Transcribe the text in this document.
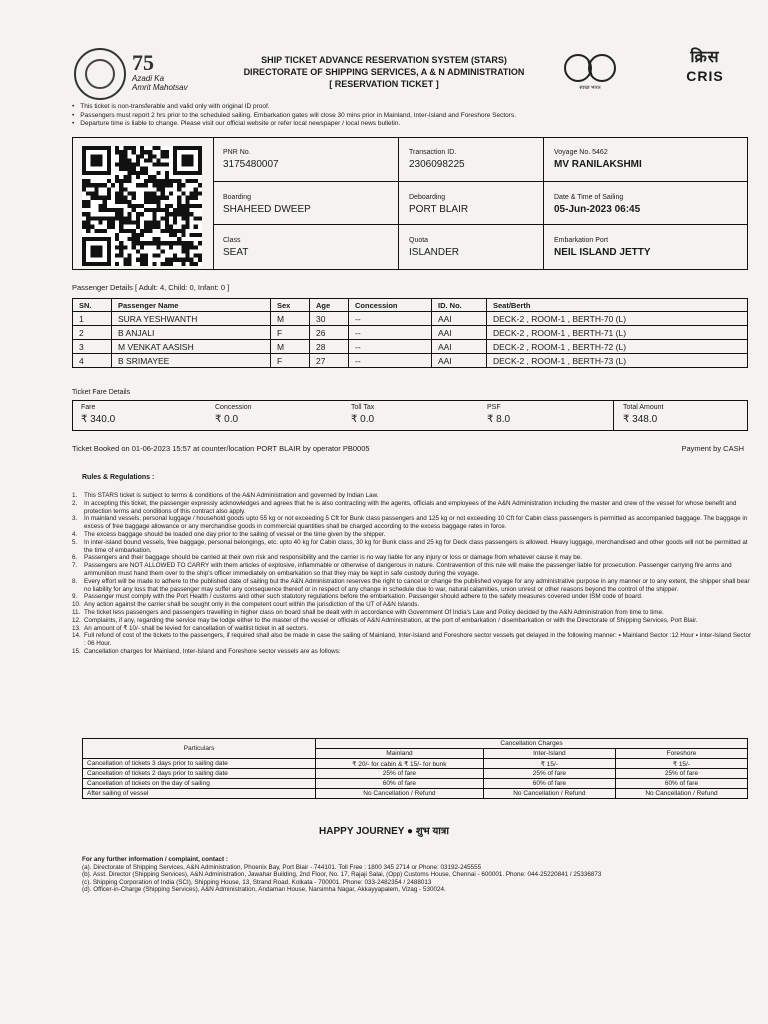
75
Azadi Ka
Amrit Mahotsav
SHIP TICKET ADVANCE RESERVATION SYSTEM (STARS)
DIRECTORATE OF SHIPPING SERVICES, A & N ADMINISTRATION
[ RESERVATION TICKET ]	स्वच्छ भारत
क्रिस
CRIS
• This ticket is non-transferable and valid only with original ID proof.
• Passengers must report 2 hrs prior to the scheduled sailing. Embarkation gates will close 30 mins prior in Mainland, Inter-Island and Foreshore Sectors.
• Departure time is liable to change. Please visit our official website or refer local newspaper / local news bulletin.
PNR No.
3175480007
Transaction ID.
2306098225
Voyage No. 5462
MV RANILAKSHMI
Boarding
SHAHEED DWEEP
Deboarding
PORT BLAIR
Date & Time of Sailing
05-Jun-2023 06:45
Class
SEAT
Quota
ISLANDER
Embarkation Port
NEIL ISLAND JETTY
Passenger Details [ Adult: 4, Child: 0, Infant: 0 ]
SN.	Passenger Name	Sex	Age	Concession	ID. No.	Seat/Berth
1	SURA YESHWANTH	M	30	--	AAI	DECK-2 , ROOM-1 , BERTH-70 (L)
2	B ANJALI	F	26	--	AAI	DECK-2 , ROOM-1 , BERTH-71 (L)
3	M VENKAT AASISH	M	28	--	AAI	DECK-2 , ROOM-1 , BERTH-72 (L)
4	B SRIMAYEE	F	27	--	AAI	DECK-2 , ROOM-1 , BERTH-73 (L)
Ticket Fare Details
Fare
₹ 340.0
Concession
₹ 0.0
Toll Tax
₹ 0.0
PSF
₹ 8.0
Total Amount
₹ 348.0
Ticket Booked on 01-06-2023 15:57 at counter/location PORT BLAIR by operator PB0005	Payment by CASH
Rules & Regulations :
1.	This STARS ticket is subject to terms & conditions of the A&N Administration and governed by Indian Law.
2.	In accepting this ticket, the passenger expressly acknowledges and agrees that he is also contracting with the agents, officials and employees of the A&N Administration including the master and crew of the vessel for whose benefit and protection terms and conditions of this contract also apply.
3.	In mainland vessels, personal luggage / household goods upto 55 kg or not exceeding 5 Cft for Bunk class passengers and 125 kg or not exceeding 10 Cft for Cabin class passengers is permitted as accompanied baggage. The baggage in excess of free baggage allowance or any merchandise goods in commercial quantities shall be charged according to the excess baggage rates in force.
4.	The excess baggage should be loaded one day prior to the sailing of vessel or the time given by the shipper.
5.	In inter-island bound vessels, free baggage, personal belongings, etc. upto 40 kg for Cabin class, 30 kg for Bunk class and 25 kg for Deck class passengers is allowed. Heavy luggage, merchandised and other goods will not be permitted at the time of embarkation.
6.	Passengers and their baggage should be carried at their own risk and responsibility and the carrier is no way liable for any injury or loss or damage from whatever cause it may be.
7.	Passengers are NOT ALLOWED TO CARRY with them articles of explosive, inflammable or otherwise of dangerous in nature. Contravention of this rule will make the passenger liable for prosecution. Passenger carrying fire arms and ammunition must hand them over to the ship's officer immediately on embarkation so that they may be kept in safe custody during the voyage.
8.	Every effort will be made to adhere to the published date of sailing but the A&N Administration reserves the right to cancel or change the published voyage for any administrative purpose in any manner or to any extent, the shipper shall bear no liability for any loss that the passenger may suffer any consequence thereof or in respect of any change in schedule due to war, natural calamities, union unrest or other reasons beyond the control of the shipper.
9.	Passenger must comply with the Port Health / customs and other such statutory regulations before the embarkation. Passenger should adhere to the safety measures covered under ISM code of board.
10. Any action against the carrier shall be sought only in the competent court within the jurisdiction of the UT of A&N Islands.
11. The ticket less passengers and passengers travelling in higher class on board shall be dealt with in accordance with Government Of India's Law and Policy decided by the A&N Administration from time to time.
12. Complaints, if any, regarding the service may be lodge either to the master of the vessel or officials of A&N Administration, at the port of embarkation / disembarkation or with the Directorate of Shipping Services, Port Blair.
13. An amount of ₹ 10/- shall be levied for cancellation of waitlist ticket in all sectors.
14. Full refund of cost of the tickets to the passengers, if required shall also be made in case the sailing of Mainland, Inter-Island and Foreshore sector vessels get delayed in the following manner: ▪ Mainland Sector :12 Hour ▪ Inter-Island Sector : 06 Hour.
15. Cancellation charges for Mainland, Inter-Island and Foreshore sector vessels are as follows:
Particulars	Cancellation Charges		
	Mainland	Inter-Island	Foreshore
Cancellation of tickets 3 days prior to sailing date	₹ 20/- for cabin & ₹ 15/- for bunk	₹ 15/-	₹ 15/-
Cancellation of tickets 2 days prior to sailing date	25% of fare	25% of fare	25% of fare
Cancellation of tickets on the day of sailing	60% of fare	60% of fare	60% of fare
After sailing of vessel	No Cancellation / Refund	No Cancellation / Refund	No Cancellation / Refund
HAPPY JOURNEY ● शुभ यात्रा
For any further information / complaint, contact :
(a). Directorate of Shipping Services, A&N Administration, Phoenix Bay, Port Blair - 744101. Toll Free : 1800 345 2714 or Phone: 03192-245555
(b). Asst. Director (Shipping Services), A&N Administration, Jawahar Building, 2nd Floor, No. 17, Rajaji Salai, (Opp) Customs House, Chennai - 600001. Phone: 044-25220841 / 25336873
(c). Shipping Corporation of India (SCI), Shipping House, 13, Strand Road, Kolkata - 700001. Phone: 033-2482354 / 2488013
(d). Officer-in-Charge (Shipping Services), A&N Administration, Andaman House, Narsimha Nagar, Akkayyapalem, Vizag - 530024.
